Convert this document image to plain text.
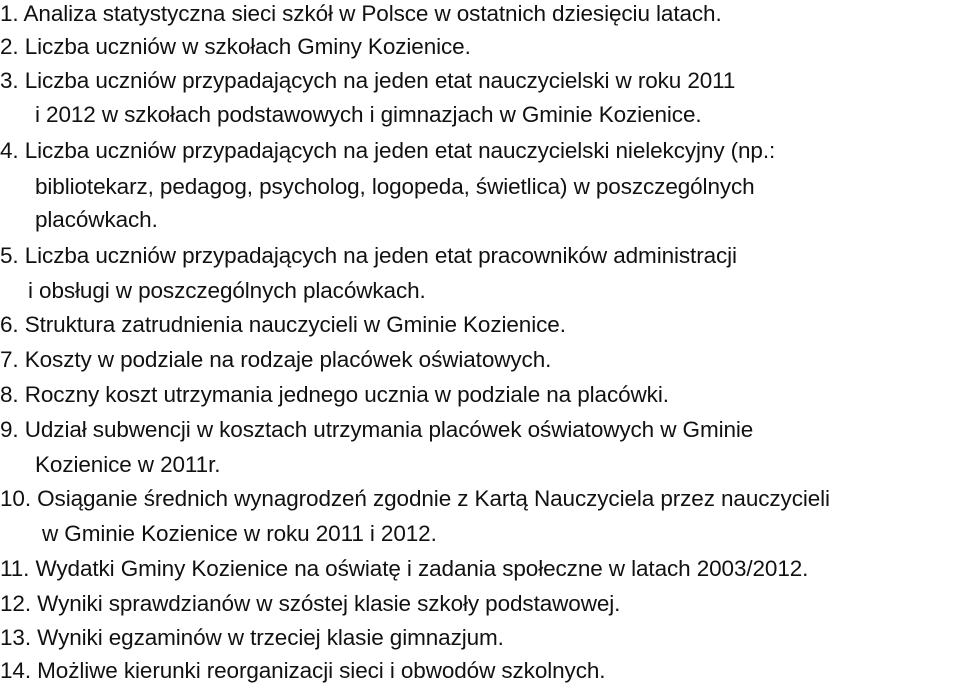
1. Analiza statystyczna sieci szkół w Polsce w ostatnich dziesięciu latach.
2. Liczba uczniów w szkołach Gminy Kozienice.
3. Liczba uczniów przypadających na jeden etat nauczycielski w roku 2011
i 2012 w szkołach podstawowych i gimnazjach w Gminie Kozienice.
4. Liczba uczniów przypadających na jeden etat nauczycielski nielekcyjny (np.:
bibliotekarz, pedagog, psycholog, logopeda, świetlica) w poszczególnych
placówkach.
5. Liczba uczniów przypadających na jeden etat pracowników administracji
i obsługi w poszczególnych placówkach.
6. Struktura zatrudnienia nauczycieli w Gminie Kozienice.
7. Koszty w podziale na rodzaje placówek oświatowych.
8. Roczny koszt utrzymania jednego ucznia w podziale na placówki.
9. Udział subwencji w kosztach utrzymania placówek oświatowych w Gminie
Kozienice w 2011r.
10. Osiąganie średnich wynagrodzeń zgodnie z Kartą Nauczyciela przez nauczycieli
w Gminie Kozienice w roku 2011 i 2012.
11. Wydatki Gminy Kozienice na oświatę i zadania społeczne w latach 2003/2012.
12. Wyniki sprawdzianów w szóstej klasie szkoły podstawowej.
13. Wyniki egzaminów w trzeciej klasie gimnazjum.
14. Możliwe kierunki reorganizacji sieci i obwodów szkolnych.
